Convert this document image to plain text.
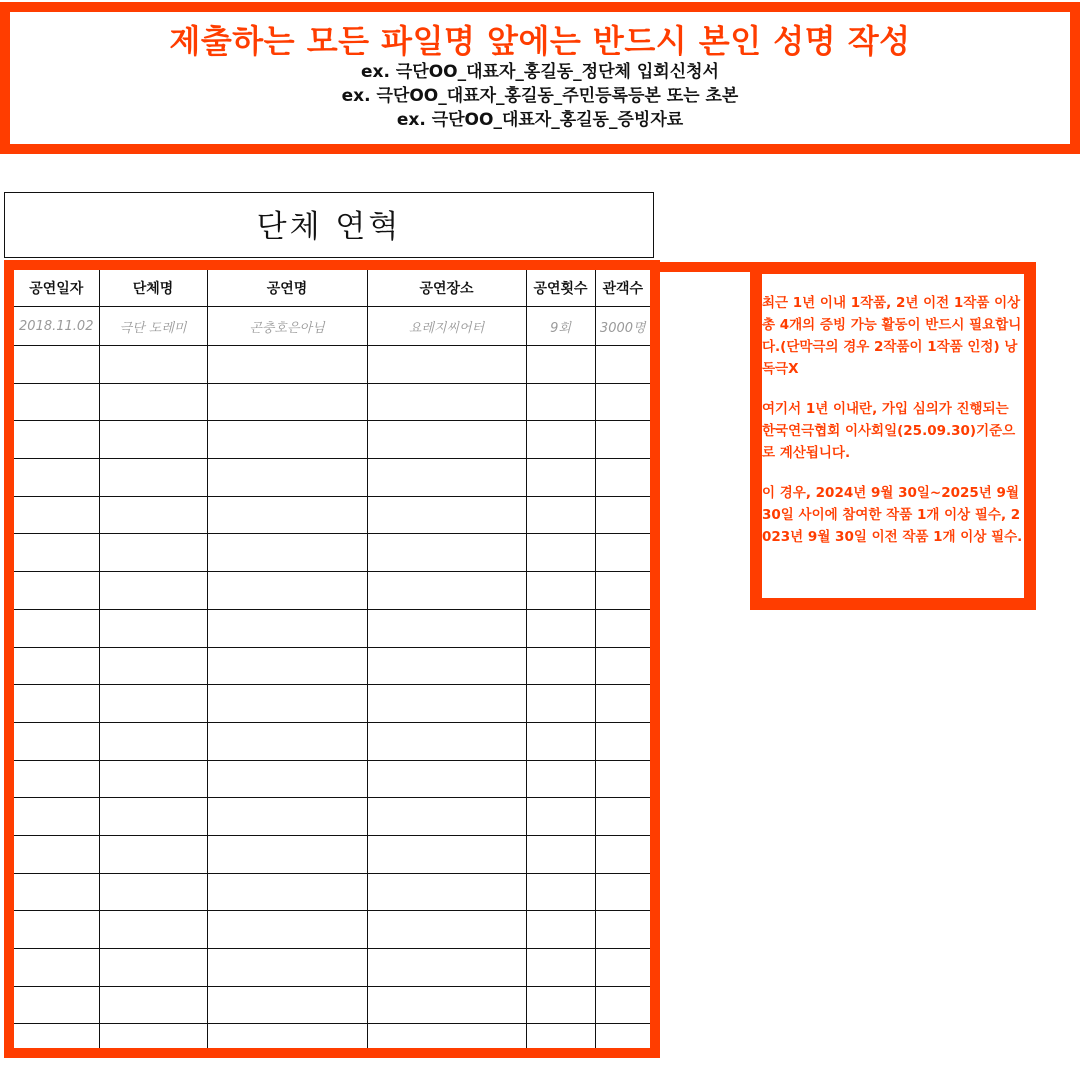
제출하는 모든 파일명 앞에는 반드시 본인 성명 작성
ex. 극단OO_대표자_홍길동_정단체 입회신청서
ex. 극단OO_대표자_홍길동_주민등록등본 또는 초본
ex. 극단OO_대표자_홍길동_증빙자료
단체 연혁
공연일자	단체명	공연명	공연장소	공연횟수	관객수
2018.11.02	극단 도레미	곤충호은아님	요레지씨어터	9회	3000명

최근 1년 이내 1작품, 2년 이전 1작품 이상 총 4개의 증빙 가능 활동이 반드시 필요합니다.(단막극의 경우 2작품이 1작품 인정) 낭독극X

여기서 1년 이내란, 가입 심의가 진행되는 한국연극협회 이사회일(25.09.30)기준으로 계산됩니다.

이 경우, 2024년 9월 30일~2025년 9월 30일 사이에 참여한 작품 1개 이상 필수, 2023년 9월 30일 이전 작품 1개 이상 필수.
